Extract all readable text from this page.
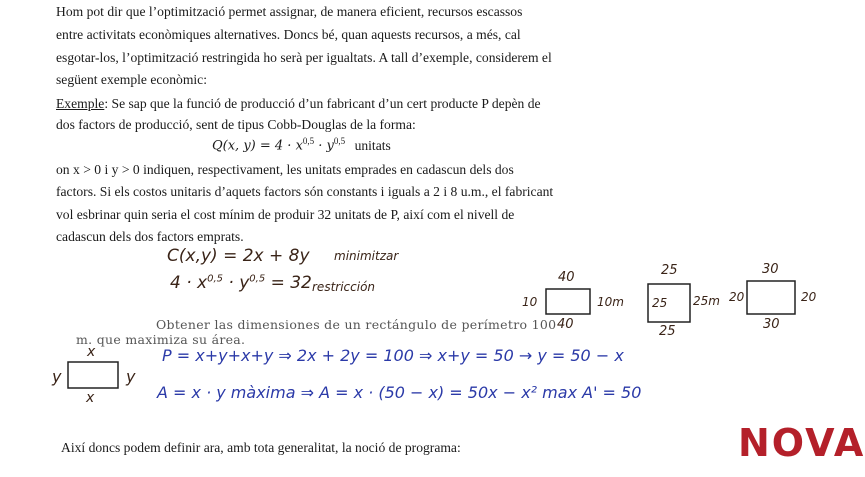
Hom pot dir que l’optimització permet assignar, de manera eficient, recursos escassos

entre activitats econòmiques alternatives. Doncs bé, quan aquests recursos, a més, cal

esgotar-los, l’optimització restringida ho serà per igualtats. A tall d’exemple, considerem el

següent exemple econòmic:

Exemple: Se sap que la funció de producció d’un fabricant d’un cert producte P depèn de

dos factors de producció, sent de tipus Cobb-Douglas de la forma:

Q(x, $y) = 4 \cdot x^{0,5} \cdot y^{0,5}$ unitats

on x > 0 i y > 0 indiquen, respectivament, les unitats emprades en cadascun dels dos

factors. Si els costos unitaris d’aquets factors són constants i iguals a 2 i 8 u.m., el fabricant

vol esbrinar quin seria el cost mínim de produir 32 unitats de P, així com el nivell de

cadascun dels dos factors emprats.

C(x,y) = 2x + 8y minimitzar
$4 \cdot x^{0,5} \cdot y^{0,5} = 32$ restricción
Obtener las dimensiones de un rectángulo de perímetro 100
m. que maximiza su área.
40
40
10	10m
25
25
25 25m
30
30
20	20
x
x
y	y
P = x+y+x+y ⇒ 2x + 2y = 100 ⇒ x+y = 50 → y = 50 − x
A = x · y màxima ⇒ A = x · (50 − x) = 50x − x² max A' = 50

Així doncs podem definir ara, amb tota generalitat, la noció de programa:	NOVA
